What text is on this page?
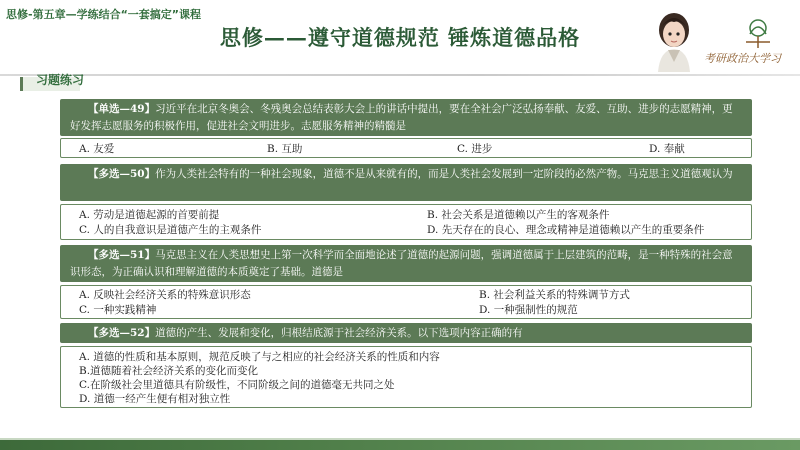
思修-第五章—学练结合“一套搞定”课程
思修——遵守道德规范 锤炼道德品格
考研政治大学习
习题练习
【单选—49】习近平在北京冬奥会、冬残奥会总结表彰大会上的讲话中提出，要在全社会广泛弘扬奉献、友爱、互助、进步的志愿精神，更好发挥志愿服务的积极作用，促进社会文明进步。志愿服务精神的精髓是
A. 友爱	B. 互助	C. 进步	D. 奉献
【多选—50】作为人类社会特有的一种社会现象，道德不是从来就有的，而是人类社会发展到一定阶段的必然产物。马克思主义道德观认为
A. 劳动是道德起源的首要前提	B. 社会关系是道德赖以产生的客观条件
C. 人的自我意识是道德产生的主观条件	D. 先天存在的良心、理念或精神是道德赖以产生的重要条件
【多选—51】马克思主义在人类思想史上第一次科学而全面地论述了道德的起源问题，强调道德属于上层建筑的范畴，是一种特殊的社会意识形态，为正确认识和理解道德的本质奠定了基础。道德是
A. 反映社会经济关系的特殊意识形态	B. 社会利益关系的特殊调节方式
C. 一种实践精神	D. 一种强制性的规范
【多选—52】道德的产生、发展和变化，归根结底源于社会经济关系。以下选项内容正确的有
A. 道德的性质和基本原则，规范反映了与之相应的社会经济关系的性质和内容
B.道德随着社会经济关系的变化而变化
C.在阶级社会里道德具有阶级性，不同阶级之间的道德毫无共同之处
D. 道德一经产生便有相对独立性
